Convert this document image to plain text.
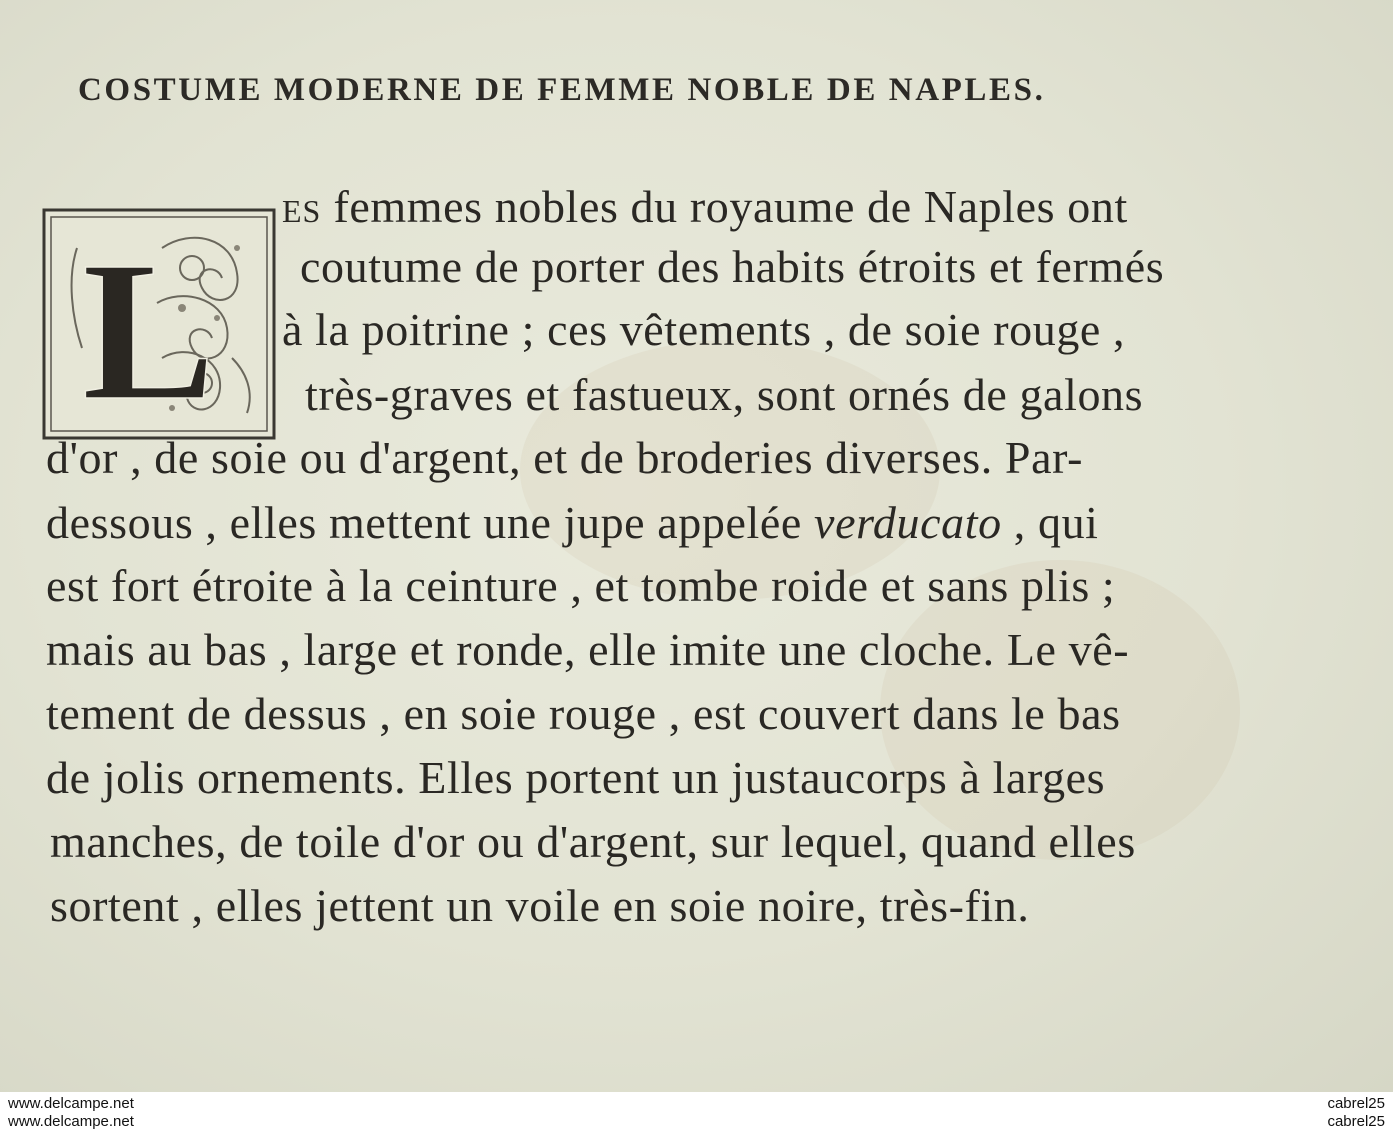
COSTUME MODERNE DE FEMME NOBLE DE NAPLES.
L
es femmes nobles du royaume de Naples ont
coutume de porter des habits étroits et fermés
à la poitrine ; ces vêtements , de soie rouge ,
très-graves et fastueux, sont ornés de galons
d'or , de soie ou d'argent, et de broderies diverses. Par-
dessous , elles mettent une jupe appelée verducato , qui
est fort étroite à la ceinture , et tombe roide et sans plis ;
mais au bas , large et ronde, elle imite une cloche. Le vê-
tement de dessus , en soie rouge , est couvert dans le bas
de jolis ornements. Elles portent un justaucorps à larges
manches, de toile d'or ou d'argent, sur lequel, quand elles
sortent , elles jettent un voile en soie noire, très-fin.
www.delcampe.net
www.delcampe.net
cabrel25
cabrel25
